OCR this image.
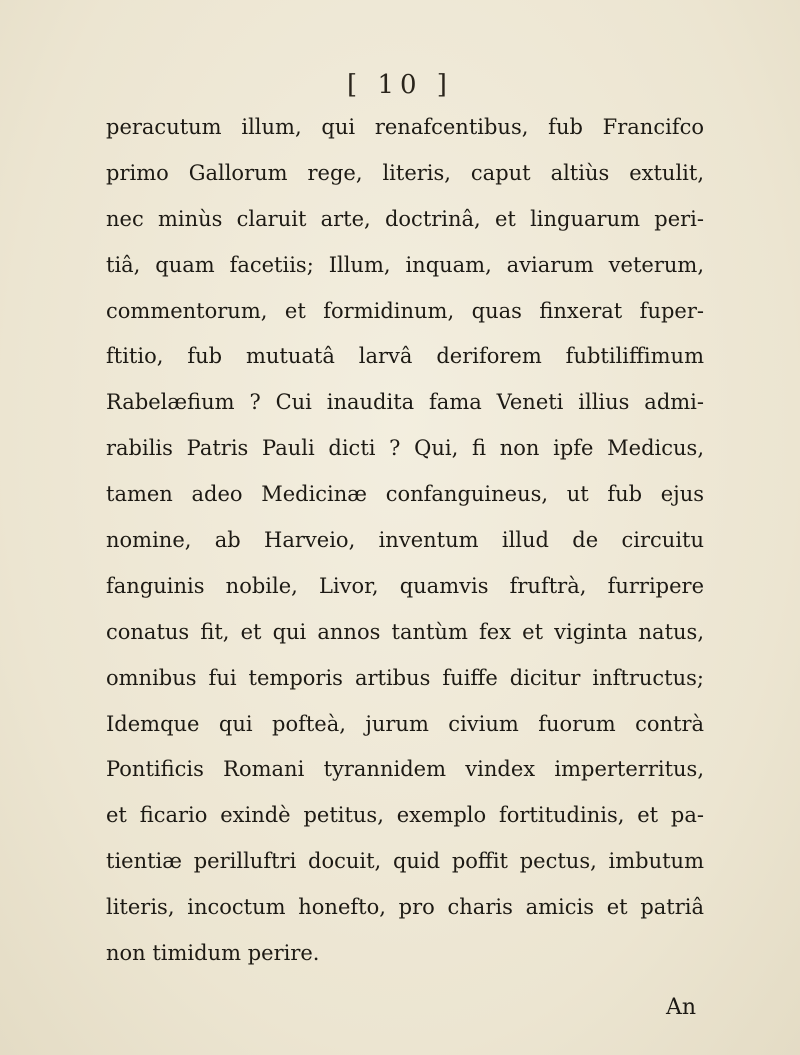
[ 10 ]
peracutum illum, qui renafcentibus, fub Francifco
primo Gallorum rege, literis, caput altiùs extulit,
nec minùs claruit arte, doctrinâ, et linguarum peri-
tiâ, quam facetiis; Illum, inquam, aviarum veterum,
commentorum, et formidinum, quas finxerat fuper-
ftitio, fub mutuatâ larvâ deriforem fubtiliffimum
Rabelæfium ? Cui inaudita fama Veneti illius admi-
rabilis Patris Pauli dicti ? Qui, fi non ipfe Medicus,
tamen adeo Medicinæ confanguineus, ut fub ejus
nomine, ab Harveio, inventum illud de circuitu
fanguinis nobile, Livor, quamvis fruftrà, furripere
conatus fit, et qui annos tantùm fex et viginta natus,
omnibus fui temporis artibus fuiffe dicitur inftructus;
Idemque qui pofteà, jurum civium fuorum contrà
Pontificis Romani tyrannidem vindex imperterritus,
et ficario exindè petitus, exemplo fortitudinis, et pa-
tientiæ perilluftri docuit, quid poffit pectus, imbutum
literis, incoctum honefto, pro charis amicis et patriâ
non timidum perire.
An
